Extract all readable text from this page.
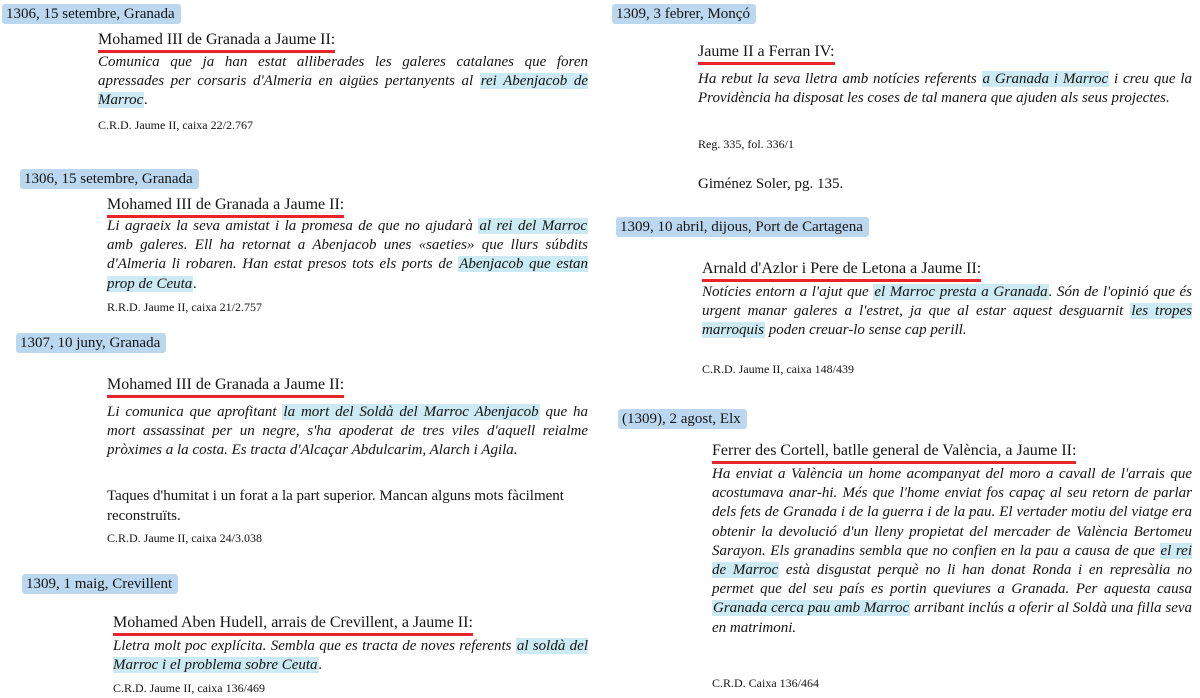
1306, 15 setembre, Granada
Mohamed III de Granada a Jaume II:
Comunica que ja han estat alliberades les galeres catalanes que foren apressades per corsaris d'Almeria en aigües pertanyents al rei Abenjacob de Marroc.
C.R.D. Jaume II, caixa 22/2.767
1306, 15 setembre, Granada
Mohamed III de Granada a Jaume II:
Li agraeix la seva amistat i la promesa de que no ajudarà al rei del Marroc amb galeres. Ell ha retornat a Abenjacob unes «saeties» que llurs súbdits d'Almeria li robaren. Han estat presos tots els ports de Abenjacob que estan prop de Ceuta.
R.R.D. Jaume II, caixa 21/2.757
1307, 10 juny, Granada
Mohamed III de Granada a Jaume II:
Li comunica que aprofitant la mort del Soldà del Marroc Abenjacob que ha mort assassinat per un negre, s'ha apoderat de tres viles d'aquell reialme pròximes a la costa. Es tracta d'Alcaçar Abdulcarim, Alarch i Agila.
Taques d'humitat i un forat a la part superior. Mancan alguns mots fàcilment reconstruïts.
C.R.D. Jaume II, caixa 24/3.038
1309, 1 maig, Crevillent
Mohamed Aben Hudell, arrais de Crevillent, a Jaume II:
Lletra molt poc explícita. Sembla que es tracta de noves referents al soldà del Marroc i el problema sobre Ceuta.
C.R.D. Jaume II, caixa 136/469
1309, 3 febrer, Monçó
Jaume II a Ferran IV:
Ha rebut la seva lletra amb notícies referents a Granada i Marroc i creu que la Providència ha disposat les coses de tal manera que ajuden als seus projectes.
Reg. 335, fol. 336/1
Giménez Soler, pg. 135.
1309, 10 abril, dijous, Port de Cartagena
Arnald d'Azlor i Pere de Letona a Jaume II:
Notícies entorn a l'ajut que el Marroc presta a Granada. Són de l'opinió que és urgent manar galeres a l'estret, ja que al estar aquest desguarnit les tropes marroquis poden creuar-lo sense cap perill.
C.R.D. Jaume II, caixa 148/439
(1309), 2 agost, Elx
Ferrer des Cortell, batlle general de València, a Jaume II:
Ha enviat a València un home acompanyat del moro a cavall de l'arrais que acostumava anar-hi. Més que l'home enviat fos capaç al seu retorn de parlar dels fets de Granada i de la guerra i de la pau. El vertader motiu del viatge era obtenir la devolució d'un lleny propietat del mercader de València Bertomeu Sarayon. Els granadins sembla que no confien en la pau a causa de que el rei de Marroc està disgustat perquè no li han donat Ronda i en represàlia no permet que del seu país es portin queviures a Granada. Per aquesta causa Granada cerca pau amb Marroc arribant inclús a oferir al Soldà una filla seva en matrimoni.
C.R.D. Caixa 136/464
